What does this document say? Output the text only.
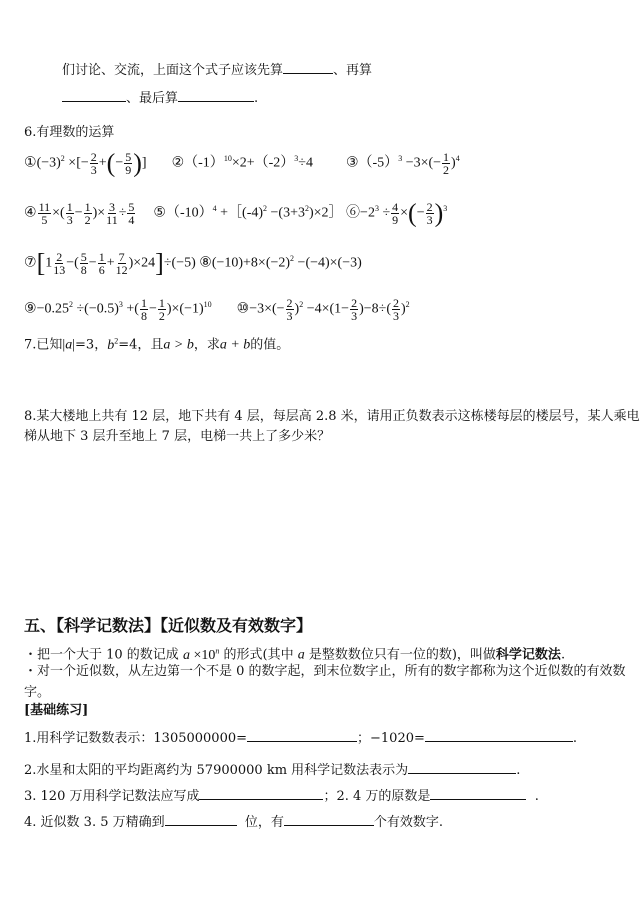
们讨论、交流，上面这个式子应该先算	、再算
、最后算	.
6.有理数的运算
$①(-3)^2$ ×[− $\frac{2}{3}$ +(− $\frac{5}{9}$ )]  $②(-1)^{10}\times 2+(-2)^3\div 4$  $③(-5)^3 -3\times(- \frac{1}{2} )^4$
④ $\frac{11}{5}$ ×( $\frac{1}{3} - \frac{1}{2}$ )× $\frac{3}{11} \div \frac{5}{4}$ $⑤(-10)^4$ $+[(-4)^2$ $-(3+3^2)\times 2]$ $⑥-2^3 \div \frac{4}{9}$ ×(− $\frac{2}{3} )^3$
⑦[1 $\frac{2}{13}$ −( $\frac{5}{8} - \frac{1}{6} + \frac{7}{12} )\times 24]\div(-5)$ $⑧(-10)+8\times(-2)^2 -(-4)\times(-3)$
$⑨-0.25^2 \div(-0.5)^3$ +( $\frac{1}{8} - \frac{1}{2} )\times(-1)^{10}$ ⑩−3×(− $\frac{2}{3} )^2 -4\times(1- \frac{2}{3} )-8\div( \frac{2}{3} )^2$
7.已知|a|=3，$b^2=4$，且a > b，求a + b的值。
8.某大楼地上共有 12 层，地下共有 4 层，每层高 2.8 米，请用正负数表示这栋楼每层的楼层号，某人乘电
梯从地下 3 层升至地上 7 层，电梯一共上了多少米？
五、【科学记数法】【近似数及有效数字】
・把一个大于 10 的数记成 $a \times 10^n$ 的形式(其中 a 是整数数位只有一位的数)，叫做科学记数法.
・对一个近似数，从左边第一个不是 0 的数字起，到末位数字止，所有的数字都称为这个近似数的有效数
字。
[基础练习]
1.用科学记数数表示：1305000000=	；−1020=	.
2.水星和太阳的平均距离约为 57900000 km 用科学记数法表示为	.
3. 120 万用科学记数法应写成	；2. 4 万的原数是	.
4. 近似数 3. 5 万精确到	位，有	个有效数字.
